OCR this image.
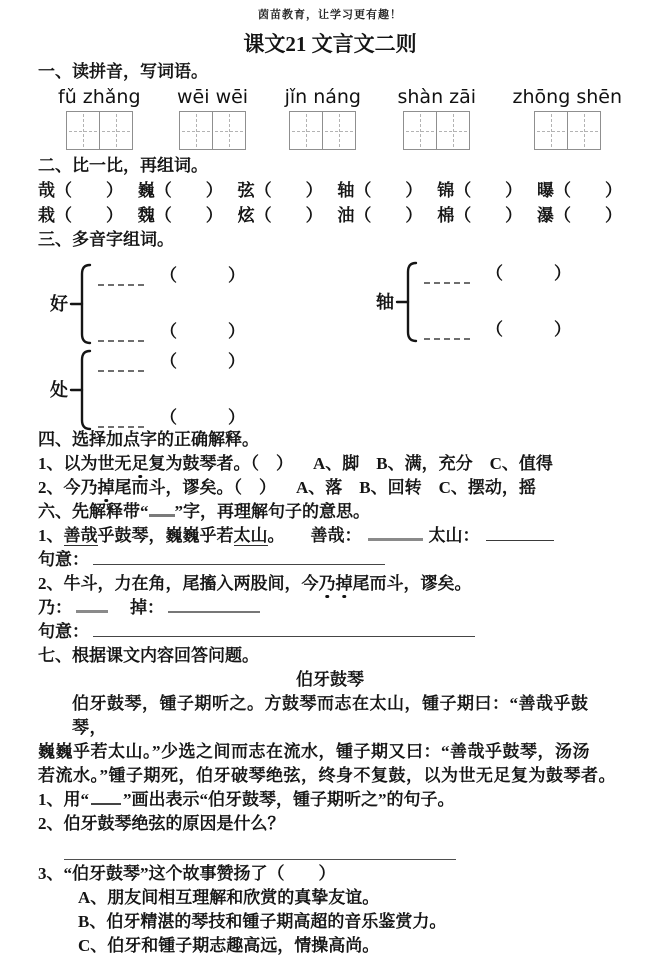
茵苗教育，让学习更有趣！
课文21 文言文二则
一、读拼音，写词语。
fǔ zhǎng wēi wēi jǐn náng shàn zāi zhōng shēn
二、比一比，再组词。
哉（　　） 巍（　　） 弦（　　） 轴（　　） 锦（　　） 曝（　　）
栽（　　） 魏（　　） 炫（　　） 油（　　） 棉（　　） 瀑（　　）
三、多音字组词。
好
（　　　）
（　　　）
轴
（　　　）
（　　　）
处
（　　　）
（　　　）
四、选择加点字的正确解释。
1、以为世无足复为鼓琴者。（　） A、脚　B、满，充分　C、值得
2、今乃掉尾而斗，谬矣。（　） A、落　B、回转　C、摆动，摇
六、先解释带“ ”字，再理解句子的意思。
1、善哉乎鼓琴，巍巍乎若太山。 善哉：	太山：
句意：
2、牛斗，力在角，尾搐入两股间，今乃掉尾而斗，谬矣。
乃：	掉：
句意：
七、根据课文内容回答问题。
伯牙鼓琴
伯牙鼓琴，锺子期听之。方鼓琴而志在太山，锺子期曰：“善哉乎鼓琴，
巍巍乎若太山。”少选之间而志在流水，锺子期又曰：“善哉乎鼓琴，汤汤
若流水。”锺子期死，伯牙破琴绝弦，终身不复鼓，以为世无足复为鼓琴者。
1、用“ ”画出表示“伯牙鼓琴，锺子期听之”的句子。
2、伯牙鼓琴绝弦的原因是什么？
3、“伯牙鼓琴”这个故事赞扬了（　　）
A、朋友间相互理解和欣赏的真挚友谊。
B、伯牙精湛的琴技和锺子期高超的音乐鉴赏力。
C、伯牙和锺子期志趣高远，情操高尚。
